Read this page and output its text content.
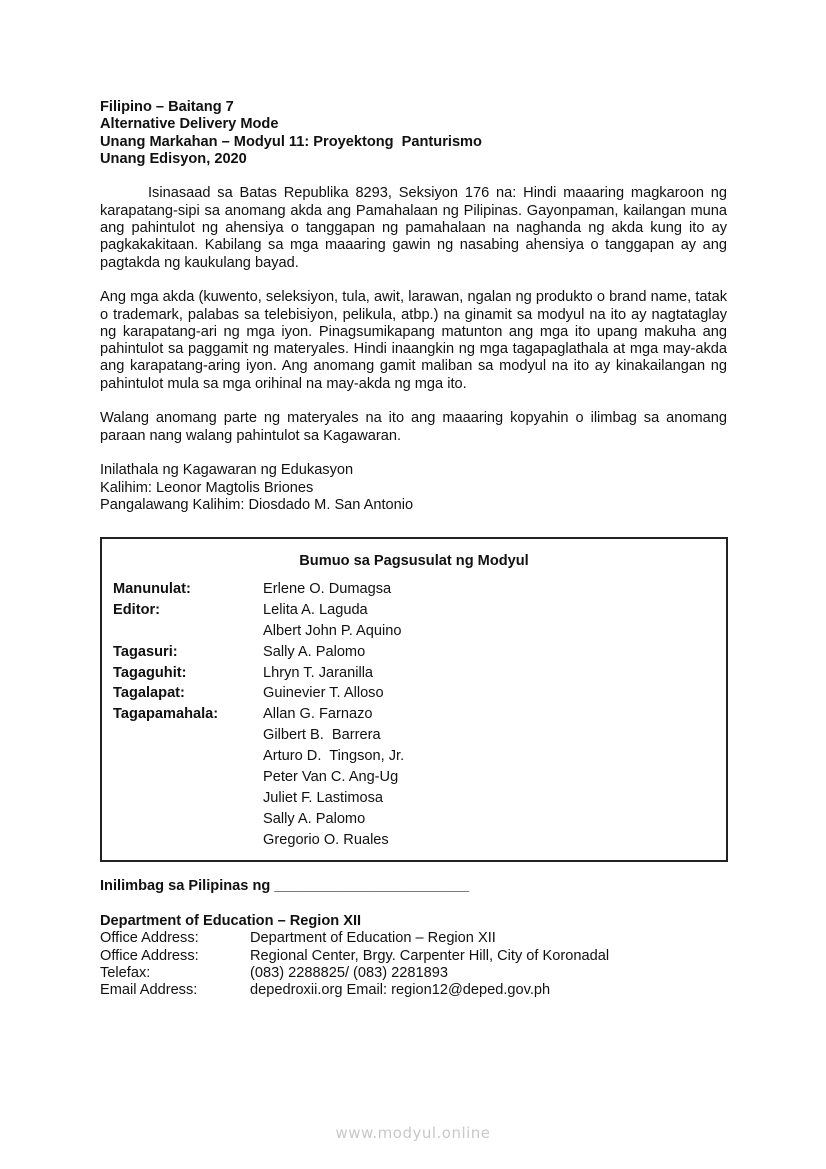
Filipino – Baitang 7
Alternative Delivery Mode
Unang Markahan – Modyul 11: Proyektong  Panturismo
Unang Edisyon, 2020

Isinasaad sa Batas Republika 8293, Seksiyon 176 na: Hindi maaaring magkaroon ng karapatang-sipi sa anomang akda ang Pamahalaan ng Pilipinas. Gayonpaman, kailangan muna ang pahintulot ng ahensiya o tanggapan ng pamahalaan na naghanda ng akda kung ito ay pagkakakitaan. Kabilang sa mga maaaring gawin ng nasabing ahensiya o tanggapan ay ang pagtakda ng kaukulang bayad.

Ang mga akda (kuwento, seleksiyon, tula, awit, larawan, ngalan ng produkto o brand name, tatak o trademark, palabas sa telebisiyon, pelikula, atbp.) na ginamit sa modyul na ito ay nagtataglay ng karapatang-ari ng mga iyon. Pinagsumikapang matunton ang mga ito upang makuha ang pahintulot sa paggamit ng materyales. Hindi inaangkin ng mga tagapaglathala at mga may-akda ang karapatang-aring iyon. Ang anomang gamit maliban sa modyul na ito ay kinakailangan ng pahintulot mula sa mga orihinal na may-akda ng mga ito.

Walang anomang parte ng materyales na ito ang maaaring kopyahin o ilimbag sa anomang paraan nang walang pahintulot sa Kagawaran.

Inilathala ng Kagawaran ng Edukasyon
Kalihim: Leonor Magtolis Briones
Pangalawang Kalihim: Diosdado M. San Antonio
Bumuo sa Pagsusulat ng Modyul
Manunulat:	Erlene O. Dumagsa
Editor:	Lelita A. Laguda
Albert John P. Aquino
Tagasuri:	Sally A. Palomo
Tagaguhit:	Lhryn T. Jaranilla
Tagalapat:	Guinevier T. Alloso
Tagapamahala:	Allan G. Farnazo
Gilbert B.  Barrera
Arturo D.  Tingson, Jr.
Peter Van C. Ang-Ug
Juliet F. Lastimosa
Sally A. Palomo
Gregorio O. Ruales
Inilimbag sa Pilipinas ng ________________________
Department of Education – Region XII
Office Address:	Department of Education – Region XII
Office Address:	Regional Center, Brgy. Carpenter Hill, City of Koronadal
Telefax:	(083) 2288825/ (083) 2281893
Email Address:	depedroxii.org Email: region12@deped.gov.ph
www.modyul.online
